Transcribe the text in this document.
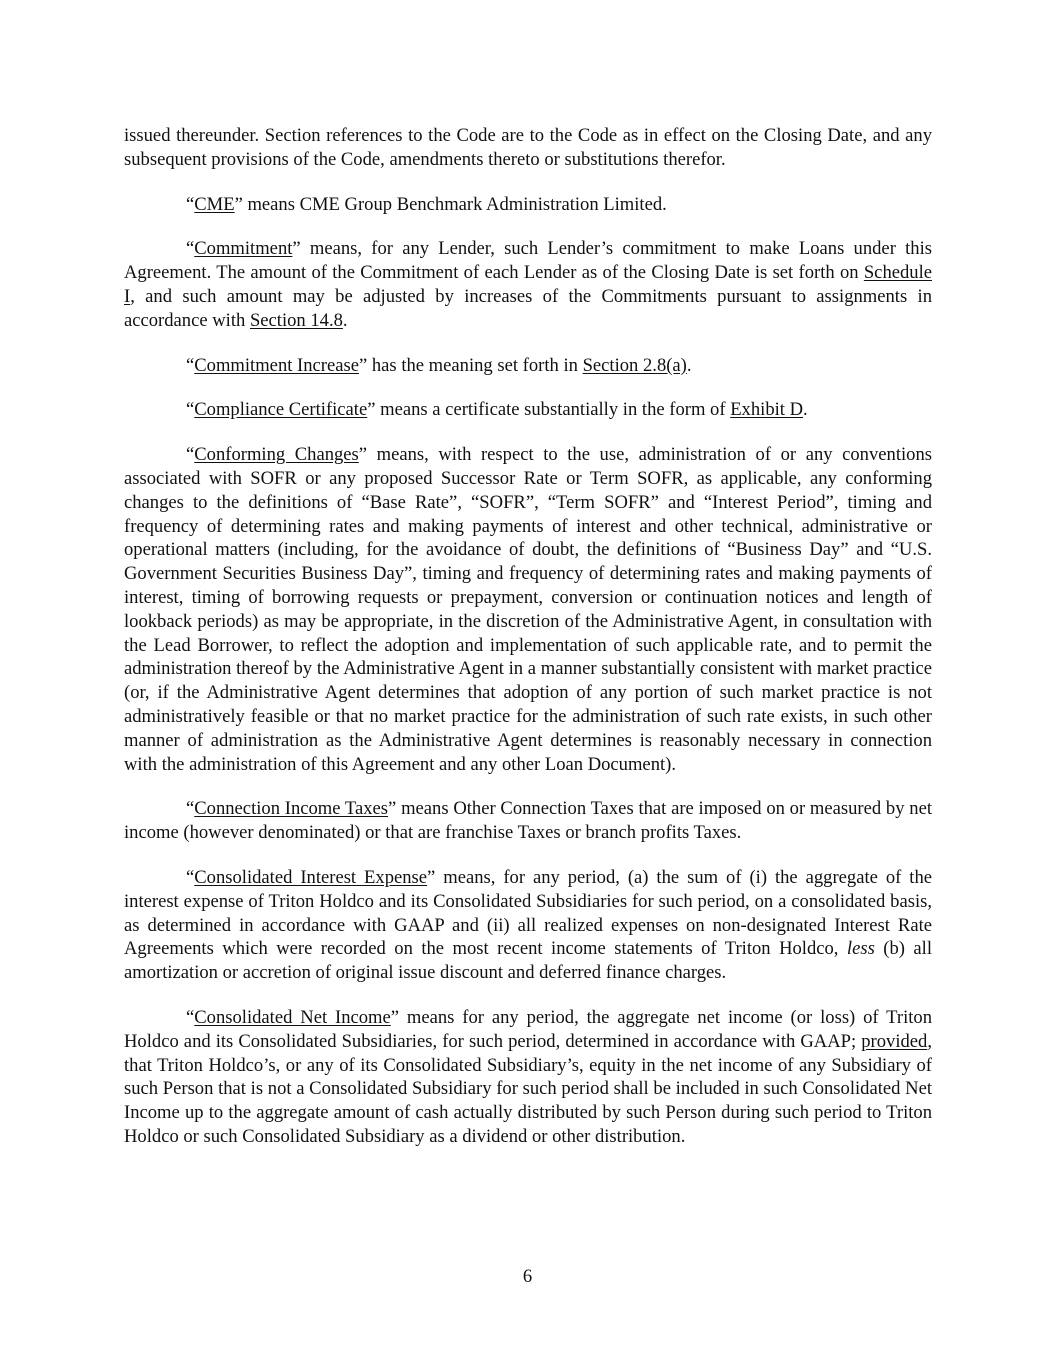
issued thereunder. Section references to the Code are to the Code as in effect on the Closing Date, and any subsequent provisions of the Code, amendments thereto or substitutions therefor.

“CME” means CME Group Benchmark Administration Limited.

“Commitment” means, for any Lender, such Lender’s commitment to make Loans under this Agreement. The amount of the Commitment of each Lender as of the Closing Date is set forth on Schedule I, and such amount may be adjusted by increases of the Commitments pursuant to assignments in accordance with Section 14.8.

“Commitment Increase” has the meaning set forth in Section 2.8(a).

“Compliance Certificate” means a certificate substantially in the form of Exhibit D.

“Conforming Changes” means, with respect to the use, administration of or any conventions associated with SOFR or any proposed Successor Rate or Term SOFR, as applicable, any conforming changes to the definitions of “Base Rate”, “SOFR”, “Term SOFR” and “Interest Period”, timing and frequency of determining rates and making payments of interest and other technical, administrative or operational matters (including, for the avoidance of doubt, the definitions of “Business Day” and “U.S. Government Securities Business Day”, timing and frequency of determining rates and making payments of interest, timing of borrowing requests or prepayment, conversion or continuation notices and length of lookback periods) as may be appropriate, in the discretion of the Administrative Agent, in consultation with the Lead Borrower, to reflect the adoption and implementation of such applicable rate, and to permit the administration thereof by the Administrative Agent in a manner substantially consistent with market practice (or, if the Administrative Agent determines that adoption of any portion of such market practice is not administratively feasible or that no market practice for the administration of such rate exists, in such other manner of administration as the Administrative Agent determines is reasonably necessary in connection with the administration of this Agreement and any other Loan Document).

“Connection Income Taxes” means Other Connection Taxes that are imposed on or measured by net income (however denominated) or that are franchise Taxes or branch profits Taxes.

“Consolidated Interest Expense” means, for any period, (a) the sum of (i) the aggregate of the interest expense of Triton Holdco and its Consolidated Subsidiaries for such period, on a consolidated basis, as determined in accordance with GAAP and (ii) all realized expenses on non-designated Interest Rate Agreements which were recorded on the most recent income statements of Triton Holdco, less (b) all amortization or accretion of original issue discount and deferred finance charges.

“Consolidated Net Income” means for any period, the aggregate net income (or loss) of Triton Holdco and its Consolidated Subsidiaries, for such period, determined in accordance with GAAP; provided, that Triton Holdco’s, or any of its Consolidated Subsidiary’s, equity in the net income of any Subsidiary of such Person that is not a Consolidated Subsidiary for such period shall be included in such Consolidated Net Income up to the aggregate amount of cash actually distributed by such Person during such period to Triton Holdco or such Consolidated Subsidiary as a dividend or other distribution.

6
